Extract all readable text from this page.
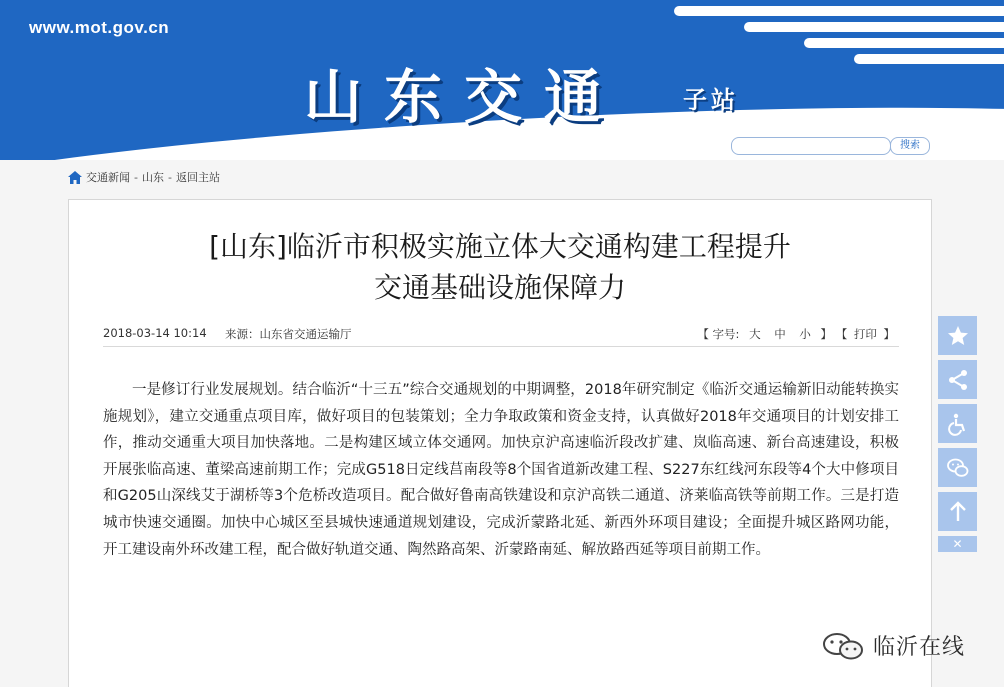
www.mot.gov.cn
山东交通 子站
搜索
交通新闻 - 山东 - 返回主站
[山东]临沂市积极实施立体大交通构建工程提升
交通基础设施保障力
2018-03-14 10:14 来源：山东省交通运输厅	【 字号: 大 中 小 】 【 打印 】

一是修订行业发展规划。结合临沂“十三五”综合交通规划的中期调整，2018年研究制定《临沂交通运输新旧动能转换实施规划》，建立交通重点项目库，做好项目的包装策划；全力争取政策和资金支持，认真做好2018年交通项目的计划安排工作，推动交通重大项目加快落地。二是构建区域立体交通网。加快京沪高速临沂段改扩建、岚临高速、新台高速建设，积极开展张临高速、董梁高速前期工作；完成G518日定线莒南段等8个国省道新改建工程、S227东红线河东段等4个大中修项目和G205山深线艾于湖桥等3个危桥改造项目。配合做好鲁南高铁建设和京沪高铁二通道、济莱临高铁等前期工作。三是打造城市快速交通圈。加快中心城区至县城快速通道规划建设，完成沂蒙路北延、新西外环项目建设；全面提升城区路网功能，开工建设南外环改建工程，配合做好轨道交通、陶然路高架、沂蒙路南延、解放路西延等项目前期工作。	✕
临沂在线
